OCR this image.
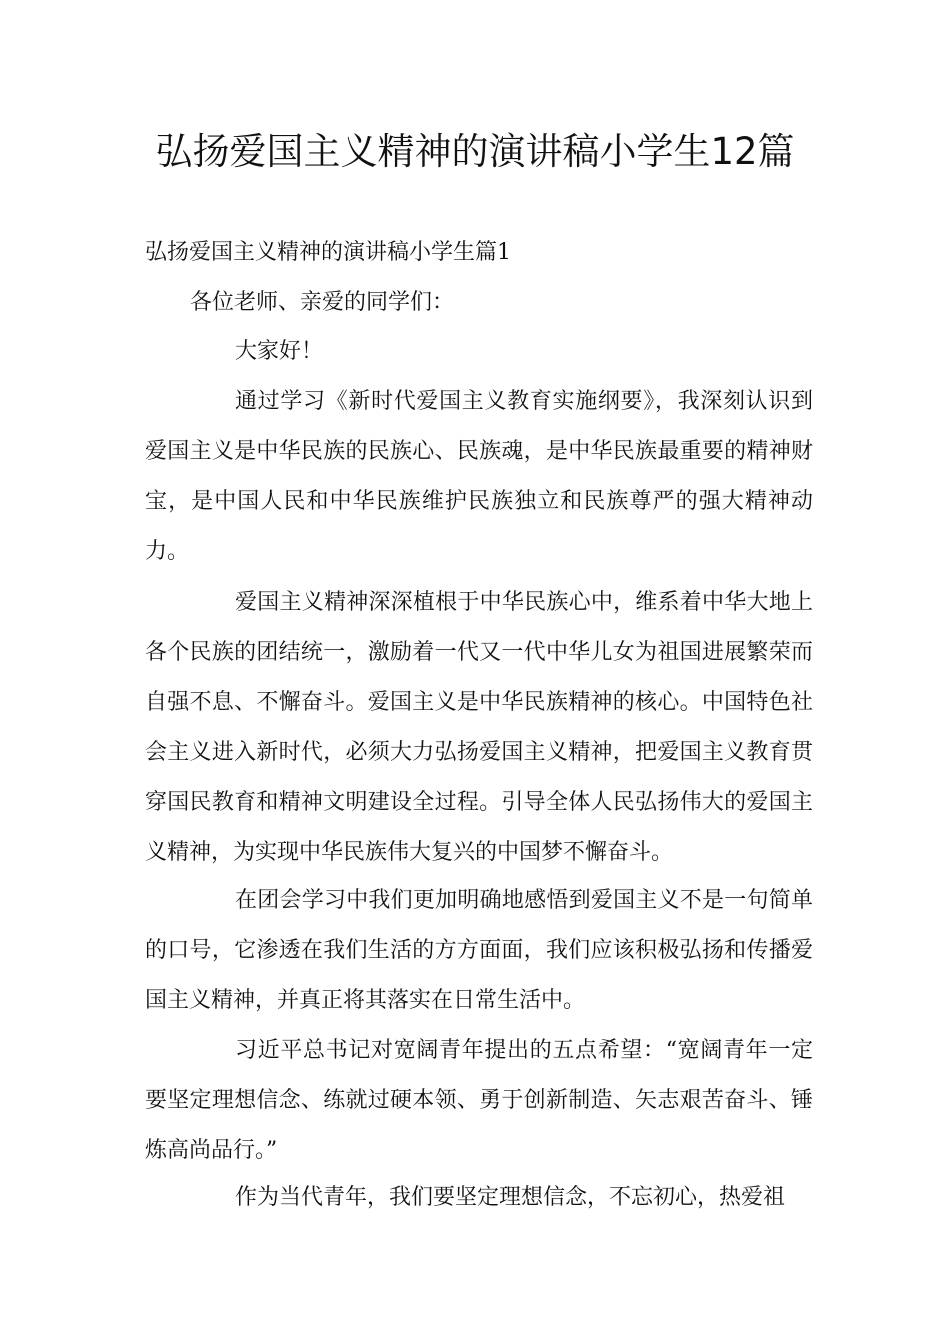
弘扬爱国主义精神的演讲稿小学生12篇

弘扬爱国主义精神的演讲稿小学生篇1

各位老师、亲爱的同学们：

大家好！

通过学习《新时代爱国主义教育实施纲要》，我深刻认识到爱国主义是中华民族的民族心、民族魂，是中华民族最重要的精神财宝，是中国人民和中华民族维护民族独立和民族尊严的强大精神动力。

爱国主义精神深深植根于中华民族心中，维系着中华大地上各个民族的团结统一，激励着一代又一代中华儿女为祖国进展繁荣而自强不息、不懈奋斗。爱国主义是中华民族精神的核心。中国特色社会主义进入新时代，必须大力弘扬爱国主义精神，把爱国主义教育贯穿国民教育和精神文明建设全过程。引导全体人民弘扬伟大的爱国主义精神，为实现中华民族伟大复兴的中国梦不懈奋斗。

在团会学习中我们更加明确地感悟到爱国主义不是一句简单的口号，它渗透在我们生活的方方面面，我们应该积极弘扬和传播爱国主义精神，并真正将其落实在日常生活中。

习近平总书记对宽阔青年提出的五点希望：“宽阔青年一定要坚定理想信念、练就过硬本领、勇于创新制造、矢志艰苦奋斗、锤炼高尚品行。”

作为当代青年，我们要坚定理想信念，不忘初心，热爱祖
